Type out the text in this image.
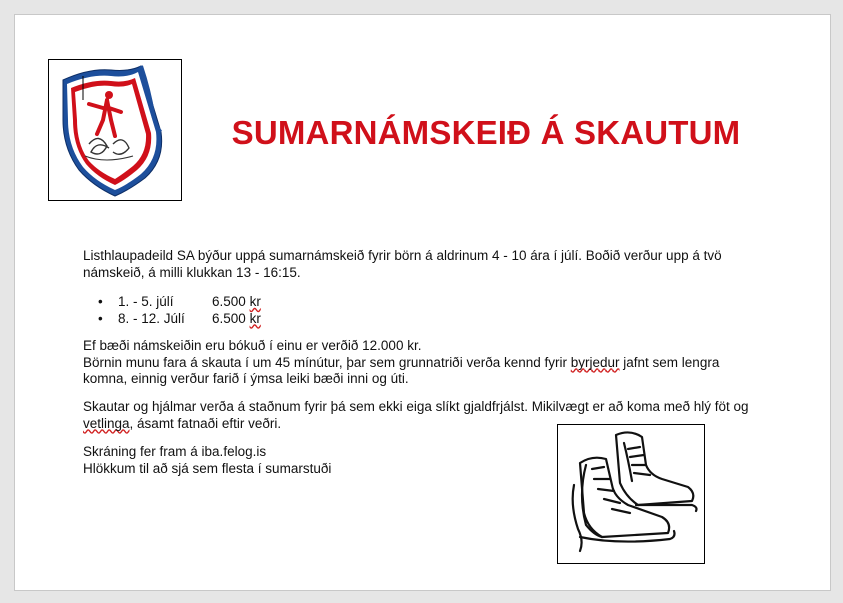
SUMARNÁMSKEIÐ Á SKAUTUM
Listhlaupadeild SA býður uppá sumarnámskeið fyrir börn á aldrinum 4 - 10 ára í júlí. Boðið verður upp á tvö
námskeið, á milli klukkan 13 - 16:15.
• 1. - 5. júlí	6.500 kr
• 8. - 12. Júlí 6.500 kr
Ef bæði námskeiðin eru bókuð í einu er verðið 12.000 kr.
Börnin munu fara á skauta í um 45 mínútur, þar sem grunnatriði verða kennd fyrir byrjedur jafnt sem lengra
komna, einnig verður farið í ýmsa leiki bæði inni og úti.
Skautar og hjálmar verða á staðnum fyrir þá sem ekki eiga slíkt gjaldfrjálst. Mikilvægt er að koma með hlý föt og
vetlinga, ásamt fatnaði eftir veðri.
Skráning fer fram á iba.felog.is
Hlökkum til að sjá sem flesta í sumarstuði
